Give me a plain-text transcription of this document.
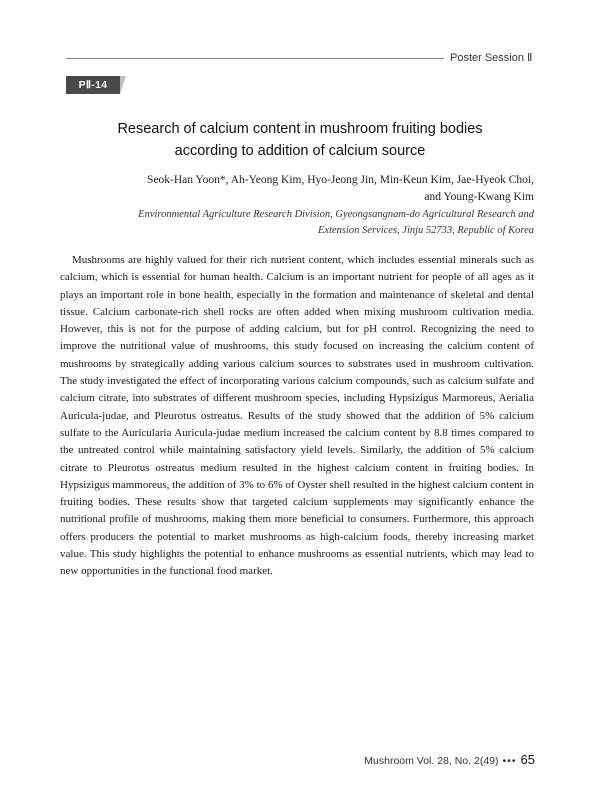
Poster Session Ⅱ
PⅡ-14
Research of calcium content in mushroom fruiting bodies
according to addition of calcium source
Seok-Han Yoon*, Ah-Yeong Kim, Hyo-Jeong Jin, Min-Keun Kim, Jae-Hyeok Choi,
and Young-Kwang Kim
Environmental Agriculture Research Division, Gyeongsangnam-do Agricultural Research and
Extension Services, Jinju 52733, Republic of Korea

Mushrooms are highly valued for their rich nutrient content, which includes essential minerals such as calcium, which is essential for human health. Calcium is an important nutrient for people of all ages as it plays an important role in bone health, especially in the formation and maintenance of skeletal and dental tissue. Calcium carbonate-rich shell rocks are often added when mixing mushroom cultivation media. However, this is not for the purpose of adding calcium, but for pH control. Recognizing the need to improve the nutritional value of mushrooms, this study focused on increasing the calcium content of mushrooms by strategically adding various calcium sources to substrates used in mushroom cultivation. The study investigated the effect of incorporating various calcium compounds, such as calcium sulfate and calcium citrate, into substrates of different mushroom species, including Hypsizigus Marmoreus, Aerialia Auricula-judae, and Pleurotus ostreatus. Results of the study showed that the addition of 5% calcium sulfate to the Auricularia Auricula-judae medium increased the calcium content by 8.8 times compared to the untreated control while maintaining satisfactory yield levels. Similarly, the addition of 5% calcium citrate to Pleurotus ostreatus medium resulted in the highest calcium content in fruiting bodies. In Hypsizigus mammoreus, the addition of 3% to 6% of Oyster shell resulted in the highest calcium content in fruiting bodies. These results show that targeted calcium supplements may significantly enhance the nutritional profile of mushrooms, making them more beneficial to consumers. Furthermore, this approach offers producers the potential to market mushrooms as high-calcium foods, thereby increasing market value. This study highlights the potential to enhance mushrooms as essential nutrients, which may lead to new opportunities in the functional food market.

Mushroom Vol. 28, No. 2(49) ••• 65
